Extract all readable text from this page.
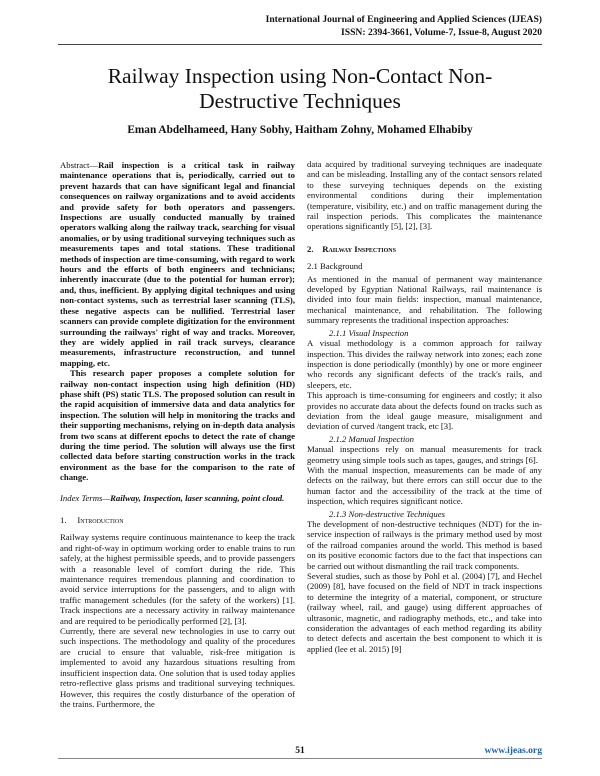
International Journal of Engineering and Applied Sciences (IJEAS)
ISSN: 2394-3661, Volume-7, Issue-8, August 2020
Railway Inspection using Non-Contact Non-Destructive Techniques
Eman Abdelhameed, Hany Sobhy, Haitham Zohny, Mohamed Elhabiby

Abstract—Rail inspection is a critical task in railway maintenance operations that is, periodically, carried out to prevent hazards that can have significant legal and financial consequences on railway organizations and to avoid accidents and provide safety for both operators and passengers. Inspections are usually conducted manually by trained operators walking along the railway track, searching for visual anomalies, or by using traditional surveying techniques such as measurements tapes and total stations. These traditional methods of inspection are time-consuming, with regard to work hours and the efforts of both engineers and technicians; inherently inaccurate (due to the potential for human error); and, thus, inefficient. By applying digital techniques and using non-contact systems, such as terrestrial laser scanning (TLS), these negative aspects can be nullified. Terrestrial laser scanners can provide complete digitization for the environment surrounding the railways' right of way and tracks. Moreover, they are widely applied in rail track surveys, clearance measurements, infrastructure reconstruction, and tunnel mapping, etc.

This research paper proposes a complete solution for railway non-contact inspection using high definition (HD) phase shift (PS) static TLS. The proposed solution can result in the rapid acquisition of immersive data and data analytics for inspection. The solution will help in monitoring the tracks and their supporting mechanisms, relying on in-depth data analysis from two scans at different epochs to detect the rate of change during the time period. The solution will always use the first collected data before starting construction works in the track environment as the base for the comparison to the rate of change.

Index Terms—Railway, Inspection, laser scanning, point cloud.

1. Introduction

Railway systems require continuous maintenance to keep the track and right-of-way in optimum working order to enable trains to run safely, at the highest permissible speeds, and to provide passengers with a reasonable level of comfort during the ride. This maintenance requires tremendous planning and coordination to avoid service interruptions for the passengers, and to align with traffic management schedules (for the safety of the workers) [1]. Track inspections are a necessary activity in railway maintenance and are required to be periodically performed [2], [3].

Currently, there are several new technologies in use to carry out such inspections. The methodology and quality of the procedures are crucial to ensure that valuable, risk-free mitigation is implemented to avoid any hazardous situations resulting from insufficient inspection data. One solution that is used today applies retro-reflective glass prisms and traditional surveying techniques. However, this requires the costly disturbance of the operation of the trains. Furthermore, the

data acquired by traditional surveying techniques are inadequate and can be misleading. Installing any of the contact sensors related to these surveying techniques depends on the existing environmental conditions during their implementation (temperature, visibility, etc.) and on traffic management during the rail inspection periods. This complicates the maintenance operations significantly [5], [2], [3].

2. Railway Inspections

2.1 Background

As mentioned in the manual of permanent way maintenance developed by Egyptian National Railways, rail maintenance is divided into four main fields: inspection, manual maintenance, mechanical maintenance, and rehabilitation. The following summary represents the traditional inspection approaches:

2.1.1 Visual Inspection

A visual methodology is a common approach for railway inspection. This divides the railway network into zones; each zone inspection is done periodically (monthly) by one or more engineer who records any significant defects of the track's rails, and sleepers, etc.

This approach is time-consuming for engineers and costly; it also provides no accurate data about the defects found on tracks such as deviation from the ideal gauge measure, misalignment and deviation of curved /tangent track, etc [3].

2.1.2 Manual Inspection

Manual inspections rely on manual measurements for track geometry using simple tools such as tapes, gauges, and strings [6].

With the manual inspection, measurements can be made of any defects on the railway, but there errors can still occur due to the human factor and the accessibility of the track at the time of inspection, which requires significant notice.

2.1.3 Non-destructive Techniques

The development of non-destructive techniques (NDT) for the in-service inspection of railways is the primary method used by most of the railroad companies around the world. This method is based on its positive economic factors due to the fact that inspections can be carried out without dismantling the rail track components.

Several studies, such as those by Pohl et al. (2004) [7], and Hechel (2009) [8], have focused on the field of NDT in track inspections to determine the integrity of a material, component, or structure (railway wheel, rail, and gauge) using different approaches of ultrasonic, magnetic, and radiography methods, etc., and take into consideration the advantages of each method regarding its ability to detect defects and ascertain the best component to which it is applied (lee et al. 2015) [9]

51	www.ijeas.org
